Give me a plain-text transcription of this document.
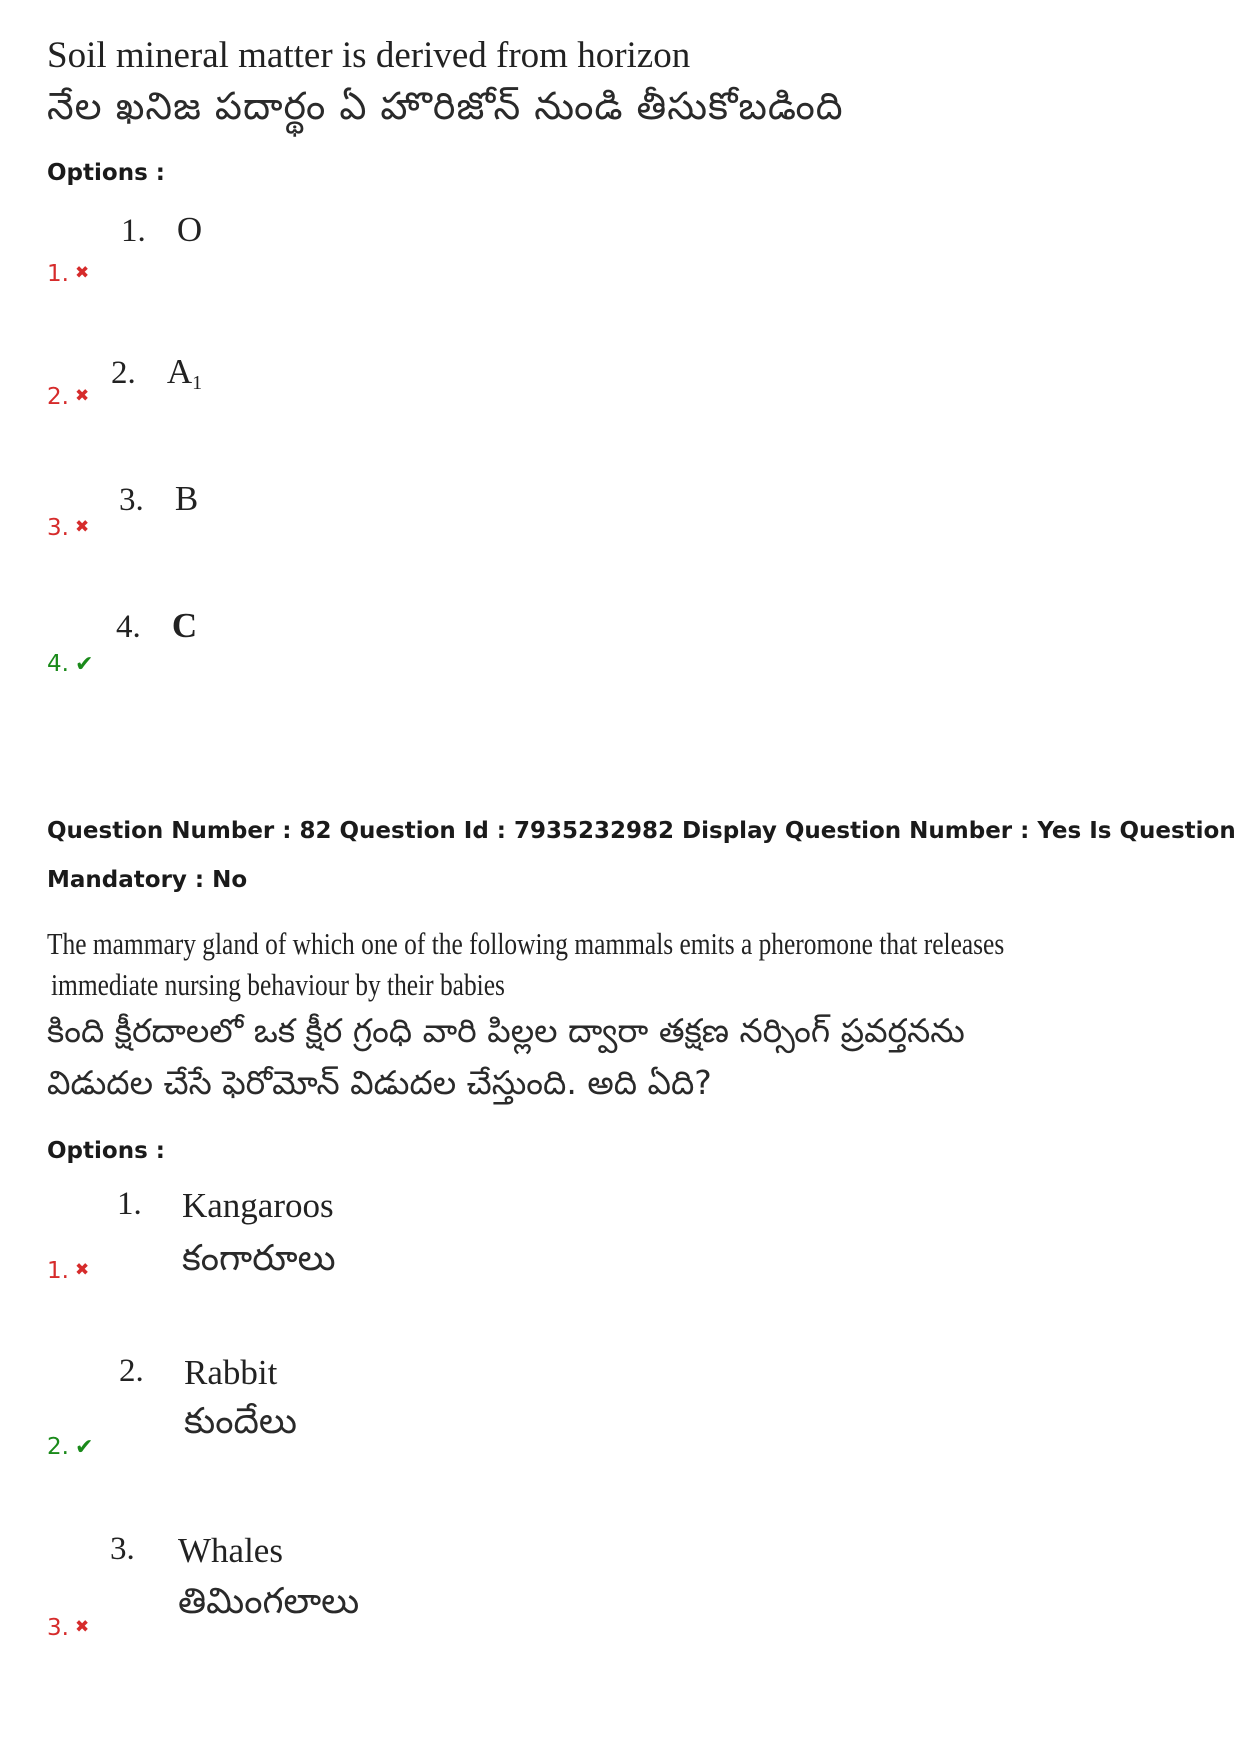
Soil mineral matter is derived from horizon
నేల ఖనిజ పదార్థం ఏ హొరిజోన్ నుండి తీసుకోబడింది
Options :
1. O
1. ✖
2. $A_1$
2. ✖
3. B
3. ✖
4. C
4. ✔
Question Number : 82 Question Id : 7935232982 Display Question Number : Yes Is Question
Mandatory : No
The mammary gland of which one of the following mammals emits a pheromone that releases
immediate nursing behaviour by their babies
కింది క్షీరదాలలో ఒక క్షీర గ్రంధి వారి పిల్లల ద్వారా తక్షణ నర్సింగ్ ప్రవర్తనను
విడుదల చేసే ఫెరోమోన్ విడుదల చేస్తుంది. అది ఏది?
Options :
1. Kangaroos
కంగారూలు
1. ✖
2. Rabbit
కుందేలు
2. ✔
3. Whales
తిమింగలాలు
3. ✖
